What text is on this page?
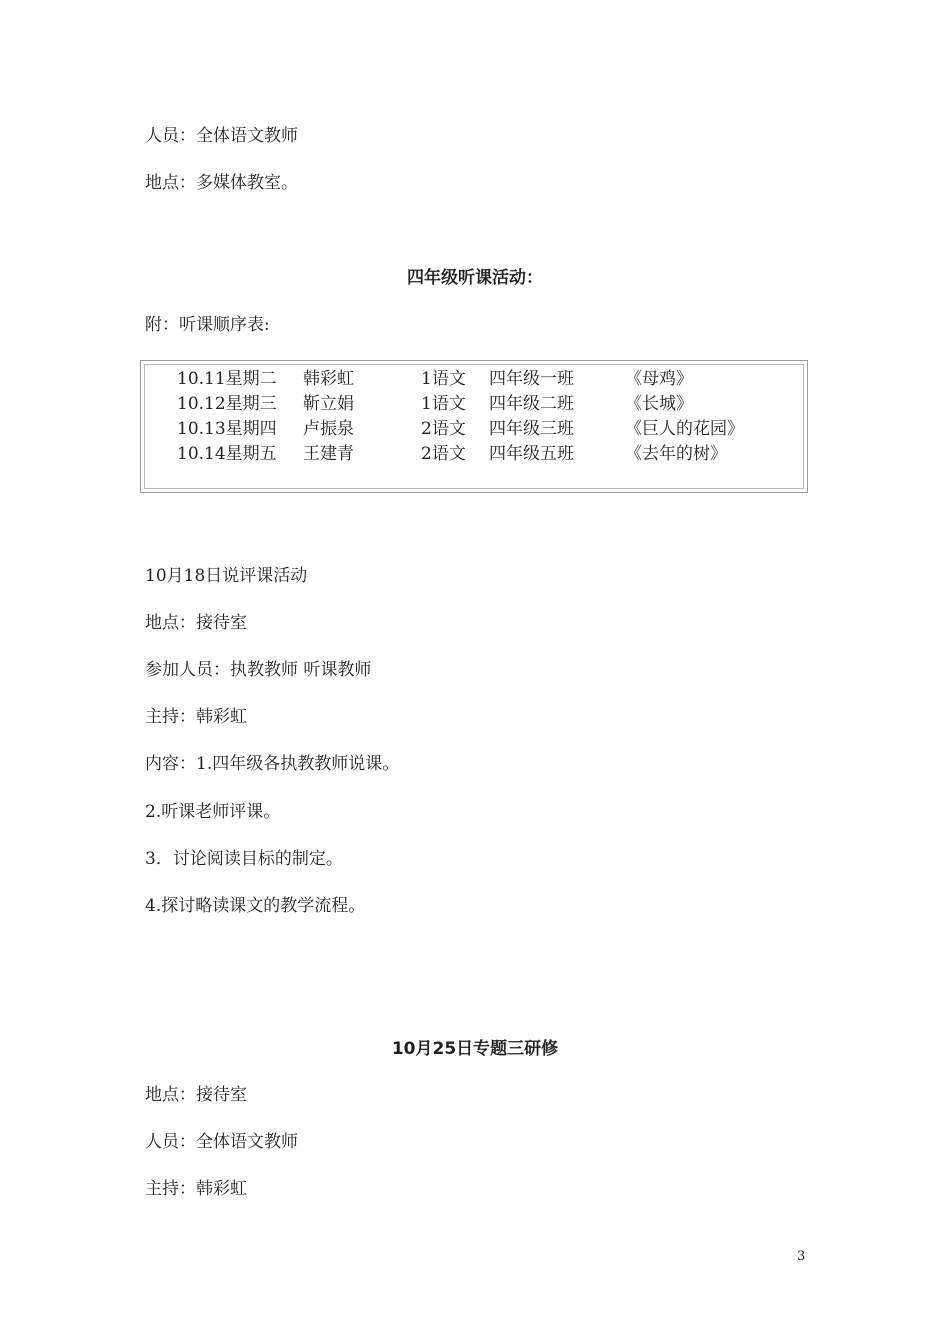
人员：全体语文教师
地点：多媒体教室。
四年级听课活动：
附：听课顺序表:
10.11星期二 韩彩虹	1语文 四年级一班	《母鸡》
10.12星期三 靳立娟	1语文 四年级二班	《长城》
10.13星期四 卢振泉	2语文 四年级三班	《巨人的花园》
10.14星期五 王建青	2语文 四年级五班	《去年的树》
10月18日说评课活动
地点：接待室
参加人员：执教教师 听课教师
主持：韩彩虹
内容：1.四年级各执教教师说课。
2.听课老师评课。
3．讨论阅读目标的制定。
4.探讨略读课文的教学流程。
10月25日专题三研修
地点：接待室
人员：全体语文教师
主持：韩彩虹
3
